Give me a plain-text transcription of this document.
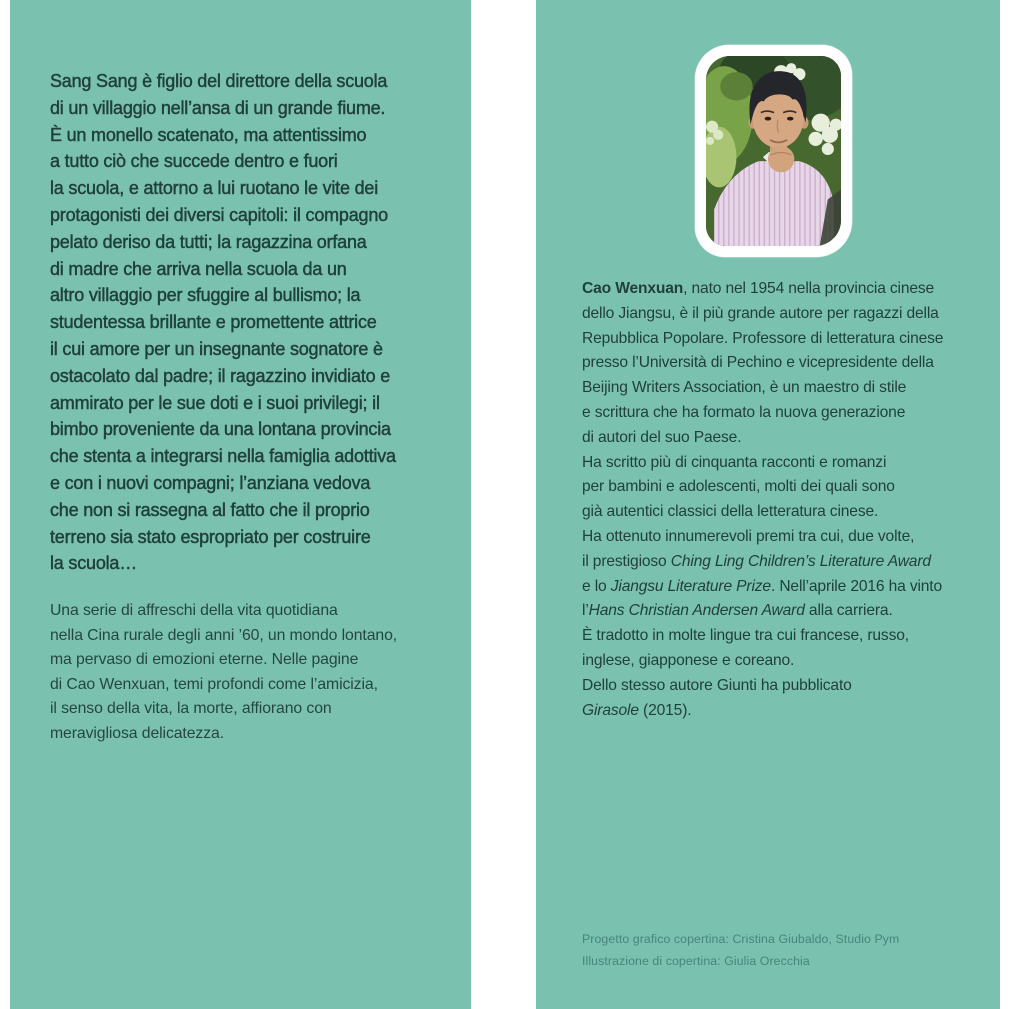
Sang Sang è figlio del direttore della scuola
di un villaggio nell’ansa di un grande fiume.
È un monello scatenato, ma attentissimo
a tutto ciò che succede dentro e fuori
la scuola, e attorno a lui ruotano le vite dei
protagonisti dei diversi capitoli: il compagno
pelato deriso da tutti; la ragazzina orfana
di madre che arriva nella scuola da un
altro villaggio per sfuggire al bullismo; la
studentessa brillante e promettente attrice
il cui amore per un insegnante sognatore è
ostacolato dal padre; il ragazzino invidiato e
ammirato per le sue doti e i suoi privilegi; il
bimbo proveniente da una lontana provincia
che stenta a integrarsi nella famiglia adottiva
e con i nuovi compagni; l’anziana vedova
che non si rassegna al fatto che il proprio
terreno sia stato espropriato per costruire
la scuola…
Una serie di affreschi della vita quotidiana
nella Cina rurale degli anni ’60, un mondo lontano,
ma pervaso di emozioni eterne. Nelle pagine
di Cao Wenxuan, temi profondi come l’amicizia,
il senso della vita, la morte, affiorano con
meravigliosa delicatezza.
Cao Wenxuan, nato nel 1954 nella provincia cinese
dello Jiangsu, è il più grande autore per ragazzi della
Repubblica Popolare. Professore di letteratura cinese
presso l’Università di Pechino e vicepresidente della
Beijing Writers Association, è un maestro di stile
e scrittura che ha formato la nuova generazione
di autori del suo Paese.
Ha scritto più di cinquanta racconti e romanzi
per bambini e adolescenti, molti dei quali sono
già autentici classici della letteratura cinese.
Ha ottenuto innumerevoli premi tra cui, due volte,
il prestigioso Ching Ling Children’s Literature Award
e lo Jiangsu Literature Prize. Nell’aprile 2016 ha vinto
l’Hans Christian Andersen Award alla carriera.
È tradotto in molte lingue tra cui francese, russo,
inglese, giapponese e coreano.
Dello stesso autore Giunti ha pubblicato
Girasole (2015).
Progetto grafico copertina: Cristina Giubaldo, Studio Pym
Illustrazione di copertina: Giulia Orecchia
